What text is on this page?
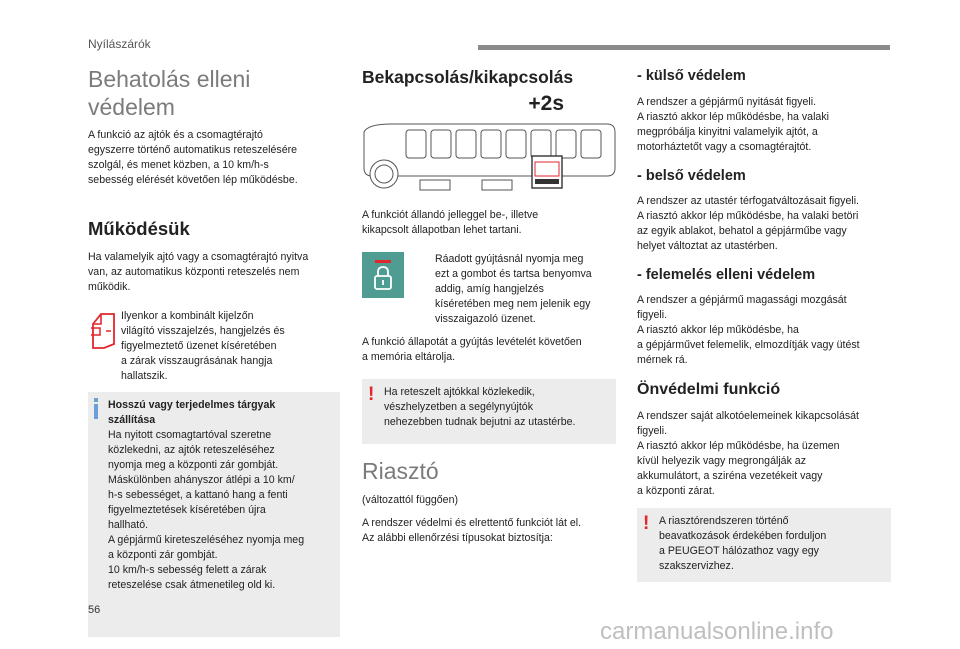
Nyílászárók
Behatolás elleni védelem

A funkció az ajtók és a csomagtérajtó

egyszerre történő automatikus reteszelésére

szolgál, és menet közben, a 10 km/h-s

sebesség elérését követően lép működésbe.

Működésük

Ha valamelyik ajtó vagy a csomagtérajtó nyitva

van, az automatikus központi reteszelés nem

működik.

Ilyenkor a kombinált kijelzőn

világító visszajelzés, hangjelzés és

figyelmeztető üzenet kíséretében

a zárak visszaugrásának hangja

hallatszik.

Hosszú vagy terjedelmes tárgyak

szállítása

Ha nyitott csomagtartóval szeretne

közlekedni, az ajtók reteszeléséhez

nyomja meg a központi zár gombját.

Máskülönben ahányszor átlépi a 10 km/

h-s sebességet, a kattanó hang a fenti

figyelmeztetések kíséretében újra

hallható.

A gépjármű kireteszeléséhez nyomja meg

a központi zár gombját.

10 km/h-s sebesség felett a zárak

reteszelése csak átmenetileg old ki.

Bekapcsolás/kikapcsolás
+2s

A funkciót állandó jelleggel be-, illetve

kikapcsolt állapotban lehet tartani.

Ráadott gyújtásnál nyomja meg

ezt a gombot és tartsa benyomva

addig, amíg hangjelzés

kíséretében meg nem jelenik egy

visszaigazoló üzenet.

A funkció állapotát a gyújtás levételét követően

a memória eltárolja.

! Ha reteszelt ajtókkal közlekedik,

vészhelyzetben a segélynyújtók

nehezebben tudnak bejutni az utastérbe.

Riasztó

(változattól függően)

A rendszer védelmi és elrettentő funkciót lát el.

Az alábbi ellenőrzési típusokat biztosítja:

- külső védelem

A rendszer a gépjármű nyitását figyeli.

A riasztó akkor lép működésbe, ha valaki

megpróbálja kinyitni valamelyik ajtót, a

motorháztetőt vagy a csomagtérajtót.

- belső védelem

A rendszer az utastér térfogatváltozásait figyeli.

A riasztó akkor lép működésbe, ha valaki betöri

az egyik ablakot, behatol a gépjárműbe vagy

helyet változtat az utastérben.

- felemelés elleni védelem

A rendszer a gépjármű magassági mozgását

figyeli.

A riasztó akkor lép működésbe, ha

a gépjárművet felemelik, elmozdítják vagy ütést

mérnek rá.

Önvédelmi funkció

A rendszer saját alkotóelemeinek kikapcsolását

figyeli.

A riasztó akkor lép működésbe, ha üzemen

kívül helyezik vagy megrongálják az

akkumulátort, a sziréna vezetékeit vagy

a központi zárat.

! A riasztórendszeren történő

beavatkozások érdekében forduljon

a PEUGEOT hálózathoz vagy egy

szakszervizhez.

56
carmanualsonline.info
